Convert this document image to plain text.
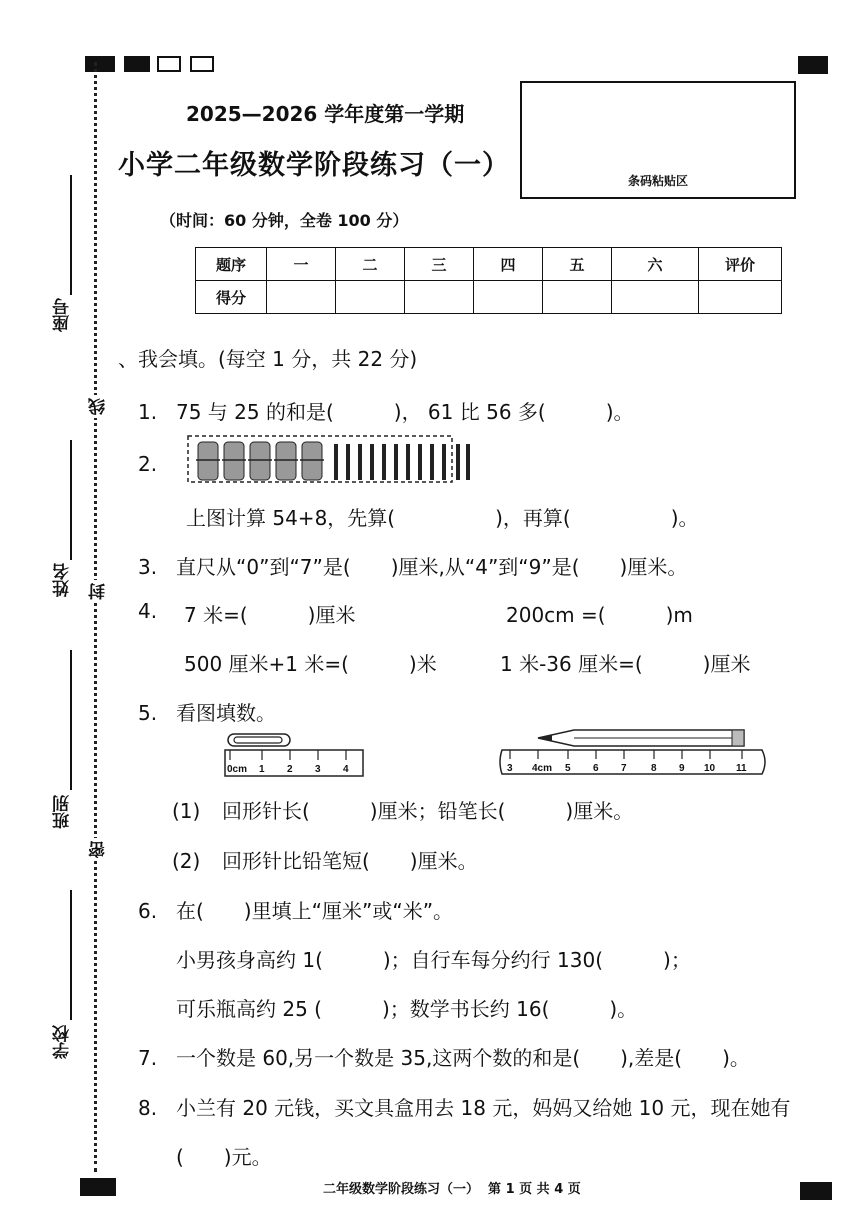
座号
姓名
班别
学校
线
封
密
2025—2026 学年度第一学期
小学二年级数学阶段练习（一）	条码粘贴区
（时间：60 分钟，全卷 100 分）
题序	一	二	三	四	五	六	评价
得分							
、我会填。(每空 1 分，共 22 分)
1. 75 与 25 的和是(　　　)， 61 比 56 多(　　　)。
2.
上图计算 54+8，先算(　　　　　)，再算(　　　　　)。
3. 直尺从“0”到“7”是(　　)厘米,从“4”到“9”是(　　)厘米。
4. 7 米=(　　　)厘米	200cm =(　　　)m
500 厘米+1 米=(　　　)米	1 米-36 厘米=(　　　)厘米
5. 看图填数。
0cm 1 2 3 4	3 4cm 5 6 7 8 9 10 11
(1) 回形针长(　　　)厘米；铅笔长(　　　)厘米。
(2) 回形针比铅笔短(　　)厘米。
6. 在(　　)里填上“厘米”或“米”。
小男孩身高约 1(　　　)；自行车每分约行 130(　　　)；
可乐瓶高约 25 (　　　)；数学书长约 16(　　　)。
7. 一个数是 60,另一个数是 35,这两个数的和是(　　),差是(　　)。
8. 小兰有 20 元钱，买文具盒用去 18 元，妈妈又给她 10 元，现在她有
(　　)元。
二年级数学阶段练习（一）  第 1 页 共 4 页
